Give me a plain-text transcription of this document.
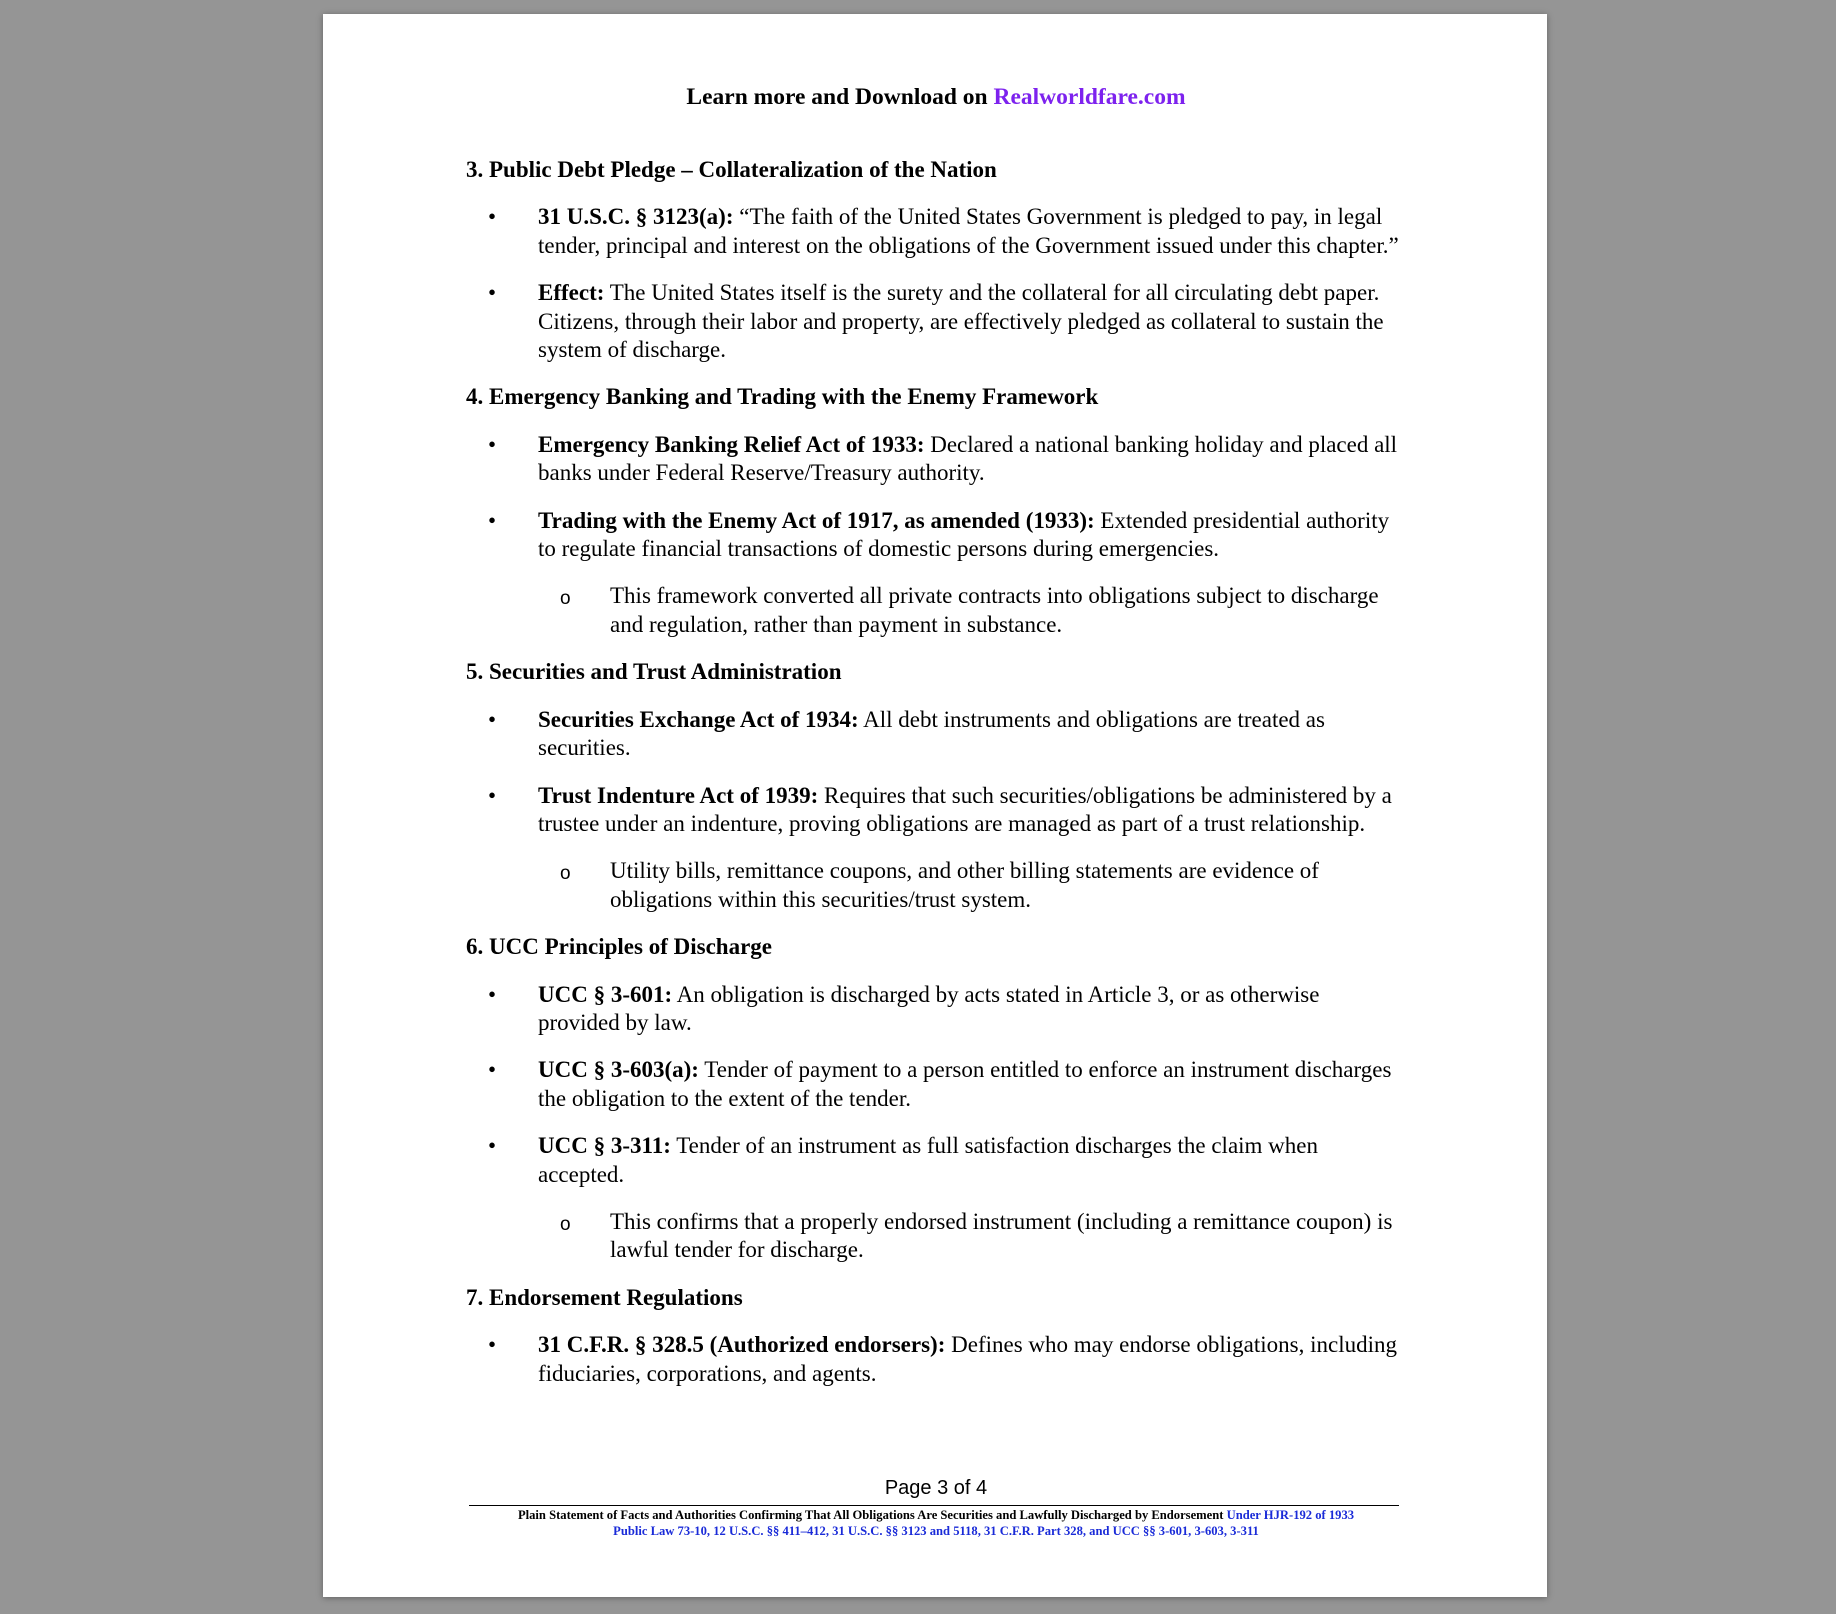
Learn more and Download on Realworldfare.com
3. Public Debt Pledge – Collateralization of the Nation
• 31 U.S.C. § 3123(a): “The faith of the United States Government is pledged to pay, in legal tender, principal and interest on the obligations of the Government issued under this chapter.”
• Effect: The United States itself is the surety and the collateral for all circulating debt paper. Citizens, through their labor and property, are effectively pledged as collateral to sustain the system of discharge.
4. Emergency Banking and Trading with the Enemy Framework
• Emergency Banking Relief Act of 1933: Declared a national banking holiday and placed all banks under Federal Reserve/Treasury authority.
• Trading with the Enemy Act of 1917, as amended (1933): Extended presidential authority to regulate financial transactions of domestic persons during emergencies.
o This framework converted all private contracts into obligations subject to discharge and regulation, rather than payment in substance.
5. Securities and Trust Administration
• Securities Exchange Act of 1934: All debt instruments and obligations are treated as securities.
• Trust Indenture Act of 1939: Requires that such securities/obligations be administered by a trustee under an indenture, proving obligations are managed as part of a trust relationship.
o Utility bills, remittance coupons, and other billing statements are evidence of obligations within this securities/trust system.
6. UCC Principles of Discharge
• UCC § 3-601: An obligation is discharged by acts stated in Article 3, or as otherwise provided by law.
• UCC § 3-603(a): Tender of payment to a person entitled to enforce an instrument discharges the obligation to the extent of the tender.
• UCC § 3-311: Tender of an instrument as full satisfaction discharges the claim when accepted.
o This confirms that a properly endorsed instrument (including a remittance coupon) is lawful tender for discharge.
7. Endorsement Regulations
• 31 C.F.R. § 328.5 (Authorized endorsers): Defines who may endorse obligations, including fiduciaries, corporations, and agents.
Page 3 of 4
Plain Statement of Facts and Authorities Confirming That All Obligations Are Securities and Lawfully Discharged by Endorsement Under HJR-192 of 1933
Public Law 73-10, 12 U.S.C. §§ 411–412, 31 U.S.C. §§ 3123 and 5118, 31 C.F.R. Part 328, and UCC §§ 3-601, 3-603, 3-311
